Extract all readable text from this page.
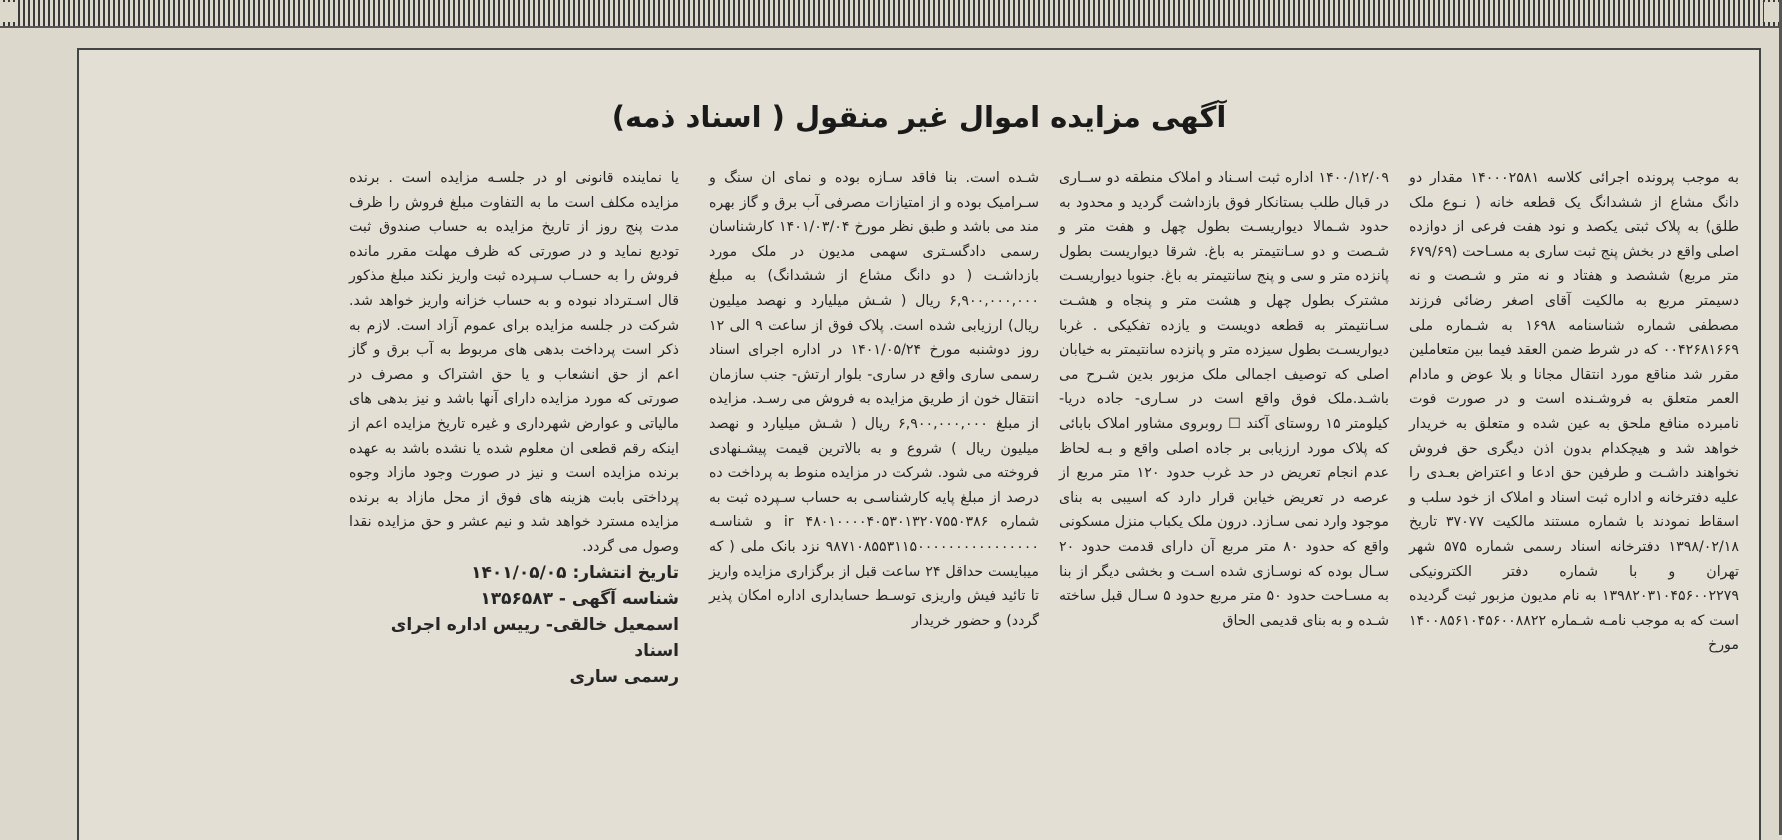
آگهی مزایده اموال غیر منقول ( اسناد ذمه)
به موجب پرونده اجرائی کلاسه ۱۴۰۰۰۲۵۸۱ مقدار دو دانگ مشاع از ششدانگ یک قطعه خانه ( نـوع ملک طلق) به پلاک ثبتی یکصد و نود هفت فرعی از دوازده اصلی واقع در بخش پنج ثبت ساری به مسـاحت (۶۷۹/۶۹ متر مربع) ششصد و هفتاد و نه متر و شـصت و نه دسیمتر مربع به مالکیت آقای اصغر رضائی فرزند مصطفی شماره شناسنامه ۱۶۹۸ به شـماره ملی ۰۰۴۲۶۸۱۶۶۹ که در شرط ضمن العقد فیما بین متعاملین مقرر شد مناقع مورد انتقال مجانا و بلا عوض و مادام العمر متعلق به فروشـنده است و در صورت فوت نامبرده منافع ملحق به عین شده و متعلق به خریدار خواهد شد و هیچکدام بدون اذن دیگری حق فروش نخواهند داشـت و طرفین حق ادعا و اعتراض بعـدی را علیه دفترخانه و اداره ثبت اسناد و املاک از خود سلب و اسقاط نمودند با شماره مستند مالکیت ۳۷۰۷۷ تاریخ ۱۳۹۸/۰۲/۱۸ دفترخانه اسناد رسمی شماره ۵۷۵ شهر تهران و با شماره دفتر الکترونیکی ۱۳۹۸۲۰۳۱۰۴۵۶۰۰۲۲۷۹ به نام مدیون مزبور ثبت گردیده است که به موجب نامـه شـماره ۱۴۰۰۸۵۶۱۰۴۵۶۰۰۸۸۲۲ مورخ
۱۴۰۰/۱۲/۰۹ اداره ثبت اسـناد و املاک منطقه دو ســاری در قبال طلب بستانکار فوق بازداشت گردید و محدود به حدود شـمالا دیواریسـت بطول چهل و هفت متر و شـصت و دو سـانتیمتر به باغ. شرقا دیواریست بطول پانزده متر و سی و پنج سانتیمتر به باغ. جنوبا دیواریسـت مشترک بطول چهل و هشت متر و پنجاه و هشـت سـانتیمتر به قطعه دویست و یازده تفکیکی . غربا دیواریسـت بطول سیزده متر و پانزده سانتیمتر به خیابان اصلی که توصیف اجمالی ملک مزبور بدین شـرح می باشـد.ملک فوق واقع است در سـاری- جاده دریا- کیلومتر ۱۵ روستای آکند ☐ روبروی مشاور املاک بابائی که پلاک مورد ارزیابی بر جاده اصلی واقع و بـه لحاظ عدم انجام تعریض در حد غرب حدود ۱۲۰ متر مربع از عرصه در تعریض خیابن قرار دارد که اسیبی به بنای موجود وارد نمی سـازد. درون ملک یکباب منزل مسکونی واقع که حدود ۸۰ متر مربع آن دارای قدمت حدود ۲۰ سـال بوده که نوسـازی شده اسـت و بخشی دیگر از بنا به مسـاحت حدود ۵۰ متر مربع حدود ۵ سـال قبل ساخته شـده و به بنای قدیمی الحاق
شـده است. بنا فاقد سـازه بوده و نمای ان سنگ و سـرامیک بوده و از امتیازات مصرفی آب برق و گاز بهره مند می باشد و طبق نظر مورخ ۱۴۰۱/۰۳/۰۴ کارشناسان رسمی دادگسـتری سهمی مدیون در ملک مورد بازداشـت ( دو دانگ مشاع از ششدانگ) به مبلغ ۶,۹۰۰,۰۰۰,۰۰۰ ریال ( شـش میلیارد و نهصد میلیون ریال) ارزیابی شده است. پلاک فوق از ساعت ۹ الی ۱۲ روز دوشنبه مورخ ۱۴۰۱/۰۵/۲۴ در اداره اجرای اسناد رسمی ساری واقع در ساری- بلوار ارتش- جنب سازمان انتقال خون از طریق مزایده به فروش می رسـد. مزایده از مبلغ ۶,۹۰۰,۰۰۰,۰۰۰ ریال ( شـش میلیارد و نهصد میلیون ریال ) شروع و به بالاترین قیمت پیشـنهادی فروخته می شود. شرکت در مزایده منوط به پرداخت ده درصد از مبلغ پایه کارشناسـی به حساب سـپرده ثبت به شماره ir ۴۸۰۱۰۰۰۰۴۰۵۳۰۱۳۲۰۷۵۵۰۳۸۶ و شناسـه ۹۸۷۱۰۸۵۵۳۱۱۵۰۰۰۰۰۰۰۰۰۰۰۰۰۰۰۰ نزد بانک ملی ( که میبایست حداقل ۲۴ ساعت قبل از برگزاری مزایده واریز تا تائید فیش واریزی توسـط حسابداری اداره امکان پذیر گردد) و حضور خریدار
یا نماینده قانونی او در جلسـه مزایده است . برنده مزایده مکلف است ما به التفاوت مبلغ فروش را ظرف مدت پنج روز از تاریخ مزایده به حساب صندوق ثبت تودیع نماید و در صورتی که ظرف مهلت مقرر مانده فروش را به حسـاب سـپرده ثبت واریز نکند مبلغ مذکور قال اسـترداد نبوده و به حساب خزانه واریز خواهد شد. شرکت در جلسه مزایده برای عموم آزاد است. لازم به ذکر است پرداخت بدهی های مربوط به آب برق و گاز اعم از حق انشعاب و یا حق اشتراک و مصرف در صورتی که مورد مزایده دارای آنها باشد و نیز بدهی های مالیاتی و عوارض شهرداری و غیره تاریخ مزایده اعم از اینکه رقم قطعی ان معلوم شده یا نشده باشد به عهده برنده مزایده است و نیز در صورت وجود مازاد وجوه پرداختی بابت هزینه های فوق از محل مازاد به برنده مزایده مسترد خواهد شد و نیم عشر و حق مزایده نقدا وصول می گردد.
تاریخ انتشار: ۱۴۰۱/۰۵/۰۵
شناسه آگهی - ۱۳۵۶۵۸۳
اسمعیل خالقی- رییس اداره اجرای اسناد
رسمی ساری
